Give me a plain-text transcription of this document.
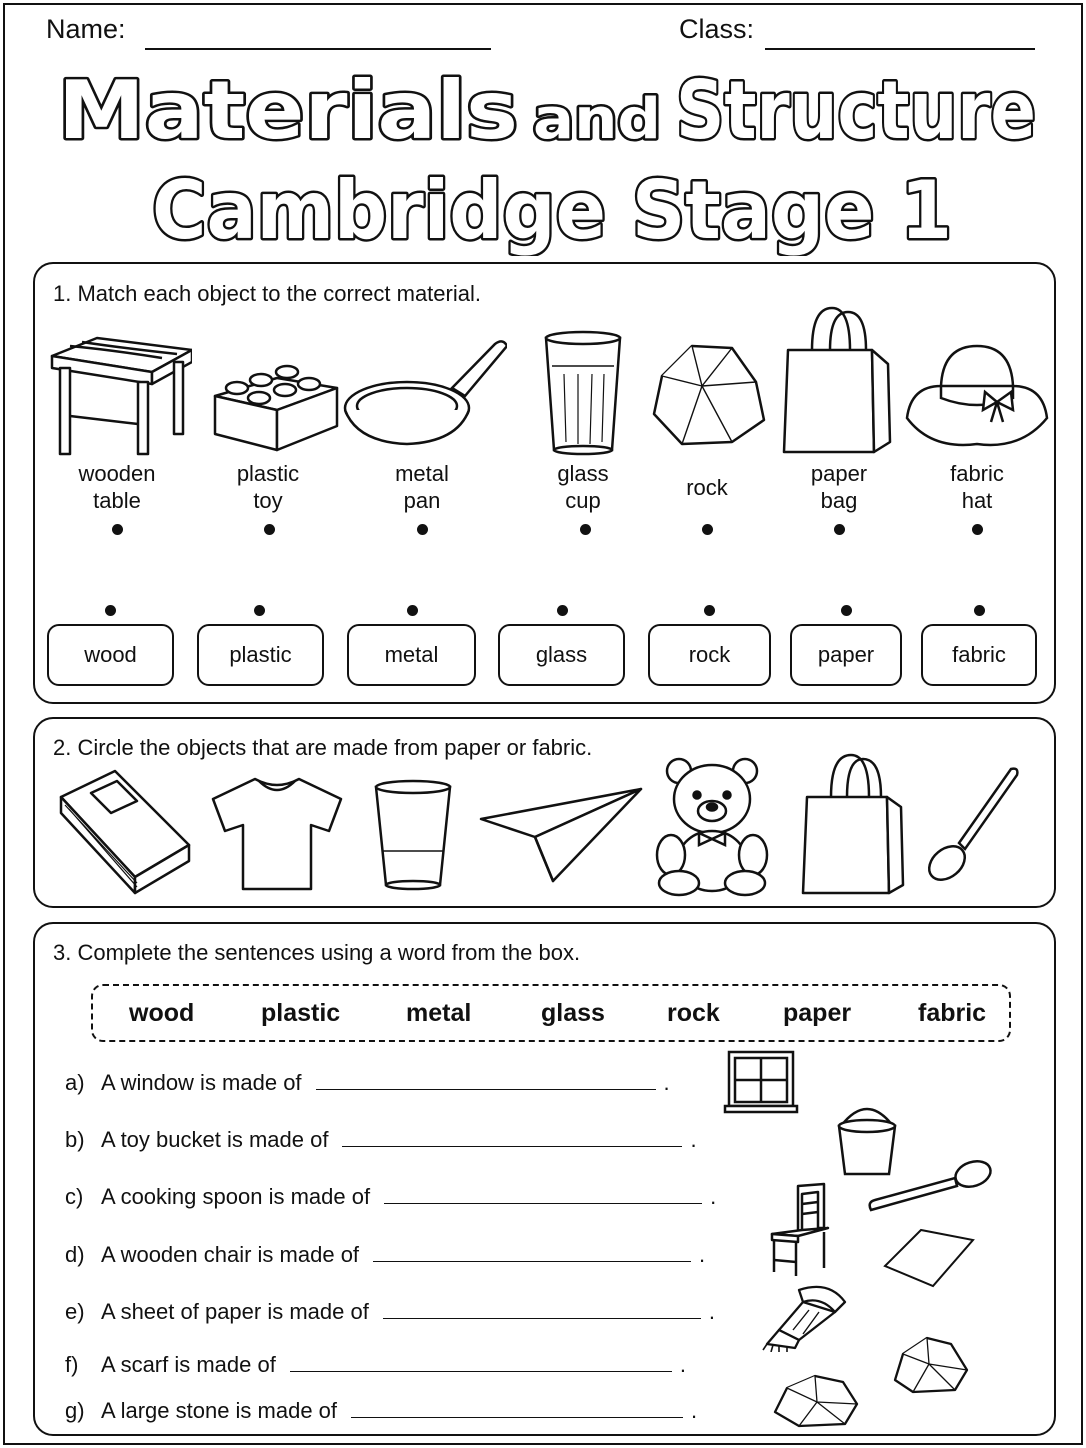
Name:	Class:
Materials and Structure
Cambridge Stage 1
1. Match each object to the correct material.
wooden
table
plastic
toy
metal
pan
glass
cup
rock
paper
bag
fabric
hat
wood	plastic	metal	glass	rock	paper	fabric
2. Circle the objects that are made from paper or fabric.
3. Complete the sentences using a word from the box.
wood	plastic	metal	glass rock	paper	fabric
a) A window is made of	.
b) A toy bucket is made of	.
c) A cooking spoon is made of	.
d) A wooden chair is made of	.
e) A sheet of paper is made of	.
f) A scarf is made of	.
g) A large stone is made of	.
